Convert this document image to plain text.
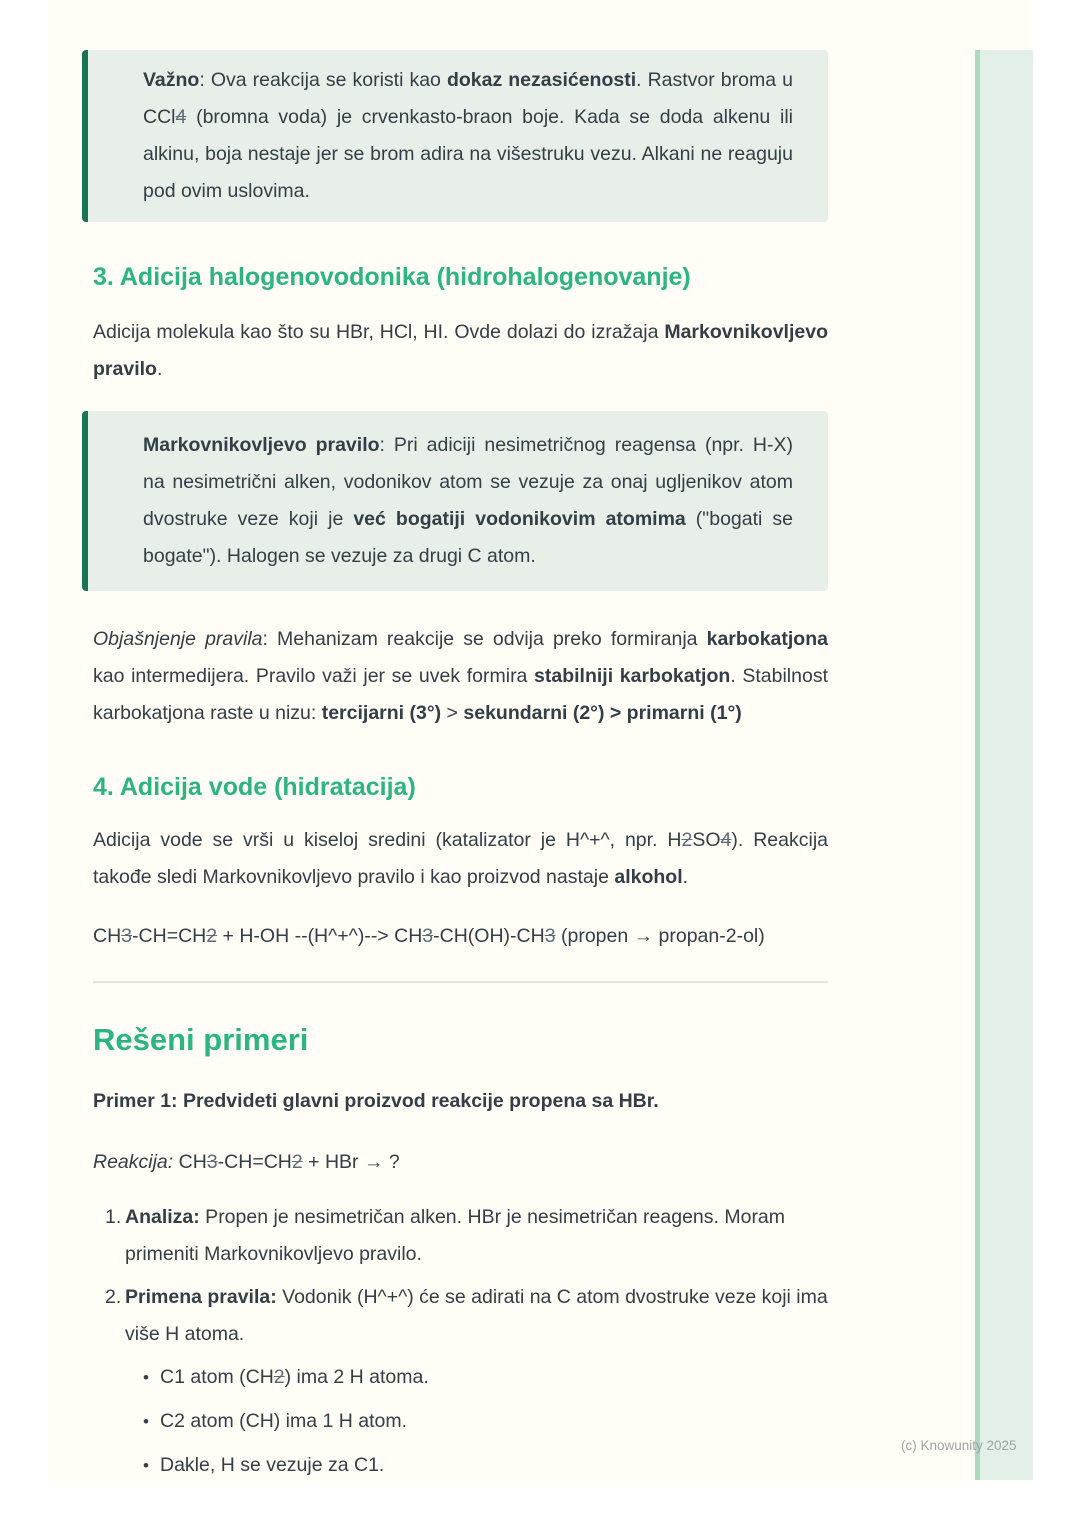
Važno: Ova reakcija se koristi kao dokaz nezasićenosti. Rastvor broma u CCl4 (bromna voda) je crvenkasto-braon boje. Kada se doda alkenu ili alkinu, boja nestaje jer se brom adira na višestruku vezu. Alkani ne reaguju pod ovim uslovima.

3. Adicija halogenovodonika (hidrohalogenovanje)

Adicija molekula kao što su HBr, HCl, HI. Ovde dolazi do izražaja Markovnikovljevo pravilo.

Markovnikovljevo pravilo: Pri adiciji nesimetričnog reagensa (npr. H-X) na nesimetrični alken, vodonikov atom se vezuje za onaj ugljenikov atom dvostruke veze koji je već bogatiji vodonikovim atomima ("bogati se bogate"). Halogen se vezuje za drugi C atom.

Objašnjenje pravila: Mehanizam reakcije se odvija preko formiranja karbokatjona kao intermedijera. Pravilo važi jer se uvek formira stabilniji karbokatjon. Stabilnost karbokatjona raste u nizu: tercijarni (3°) > sekundarni (2°) > primarni (1°)

4. Adicija vode (hidratacija)

Adicija vode se vrši u kiseloj sredini (katalizator je H^+^, npr. H2SO4). Reakcija takođe sledi Markovnikovljevo pravilo i kao proizvod nastaje alkohol.

CH3-CH=CH2 + H-OH --(H^+^)--> CH3-CH(OH)-CH3 (propen → propan-2-ol)

Rešeni primeri

Primer 1: Predvideti glavni proizvod reakcije propena sa HBr.

Reakcija: CH3-CH=CH2 + HBr → ?

1. Analiza: Propen je nesimetričan alken. HBr je nesimetričan reagens. Moram primeniti Markovnikovljevo pravilo.
2. Primena pravila: Vodonik (H^+^) će se adirati na C atom dvostruke veze koji ima više H atoma.
• C1 atom (CH2) ima 2 H atoma.
• C2 atom (CH) ima 1 H atom.
• Dakle, H se vezuje za C1.
(c) Knowunity 2025
